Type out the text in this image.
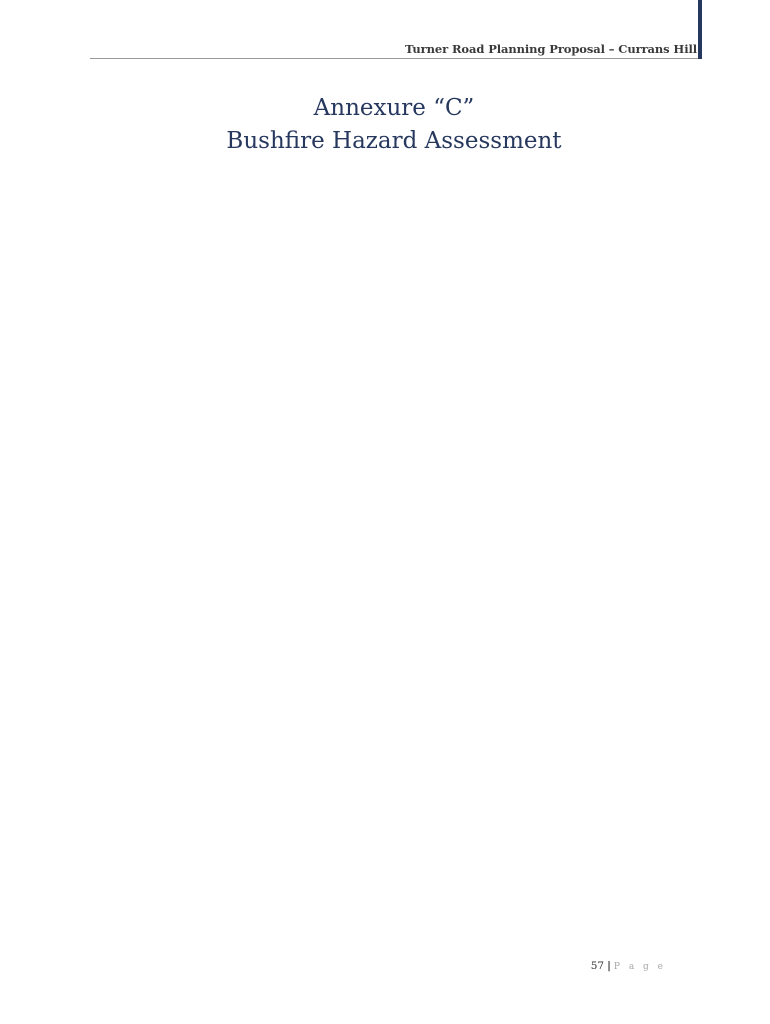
Turner Road Planning Proposal – Currans Hill
Annexure “C”
Bushfire Hazard Assessment
57 | P a g e
